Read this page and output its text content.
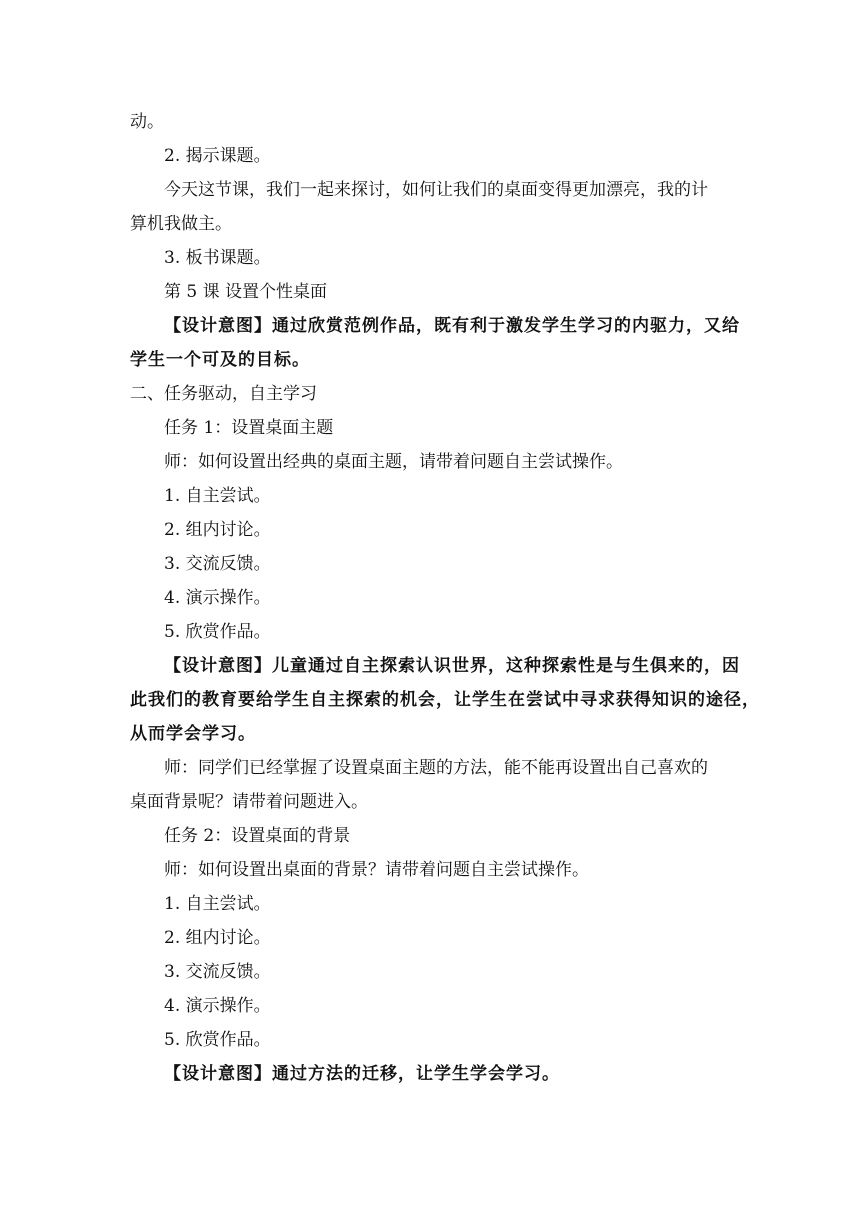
动。
2. 揭示课题。
今天这节课，我们一起来探讨，如何让我们的桌面变得更加漂亮，我的计
算机我做主。
3. 板书课题。
第 5 课 设置个性桌面
【设计意图】通过欣赏范例作品，既有利于激发学生学习的内驱力，又给
学生一个可及的目标。
二、任务驱动，自主学习
任务 1：设置桌面主题
师：如何设置出经典的桌面主题，请带着问题自主尝试操作。
1. 自主尝试。
2. 组内讨论。
3. 交流反馈。
4. 演示操作。
5. 欣赏作品。
【设计意图】儿童通过自主探索认识世界，这种探索性是与生俱来的，因
此我们的教育要给学生自主探索的机会，让学生在尝试中寻求获得知识的途径，
从而学会学习。
师：同学们已经掌握了设置桌面主题的方法，能不能再设置出自己喜欢的
桌面背景呢？请带着问题进入。
任务 2：设置桌面的背景
师：如何设置出桌面的背景？请带着问题自主尝试操作。
1. 自主尝试。
2. 组内讨论。
3. 交流反馈。
4. 演示操作。
5. 欣赏作品。
【设计意图】通过方法的迁移，让学生学会学习。
